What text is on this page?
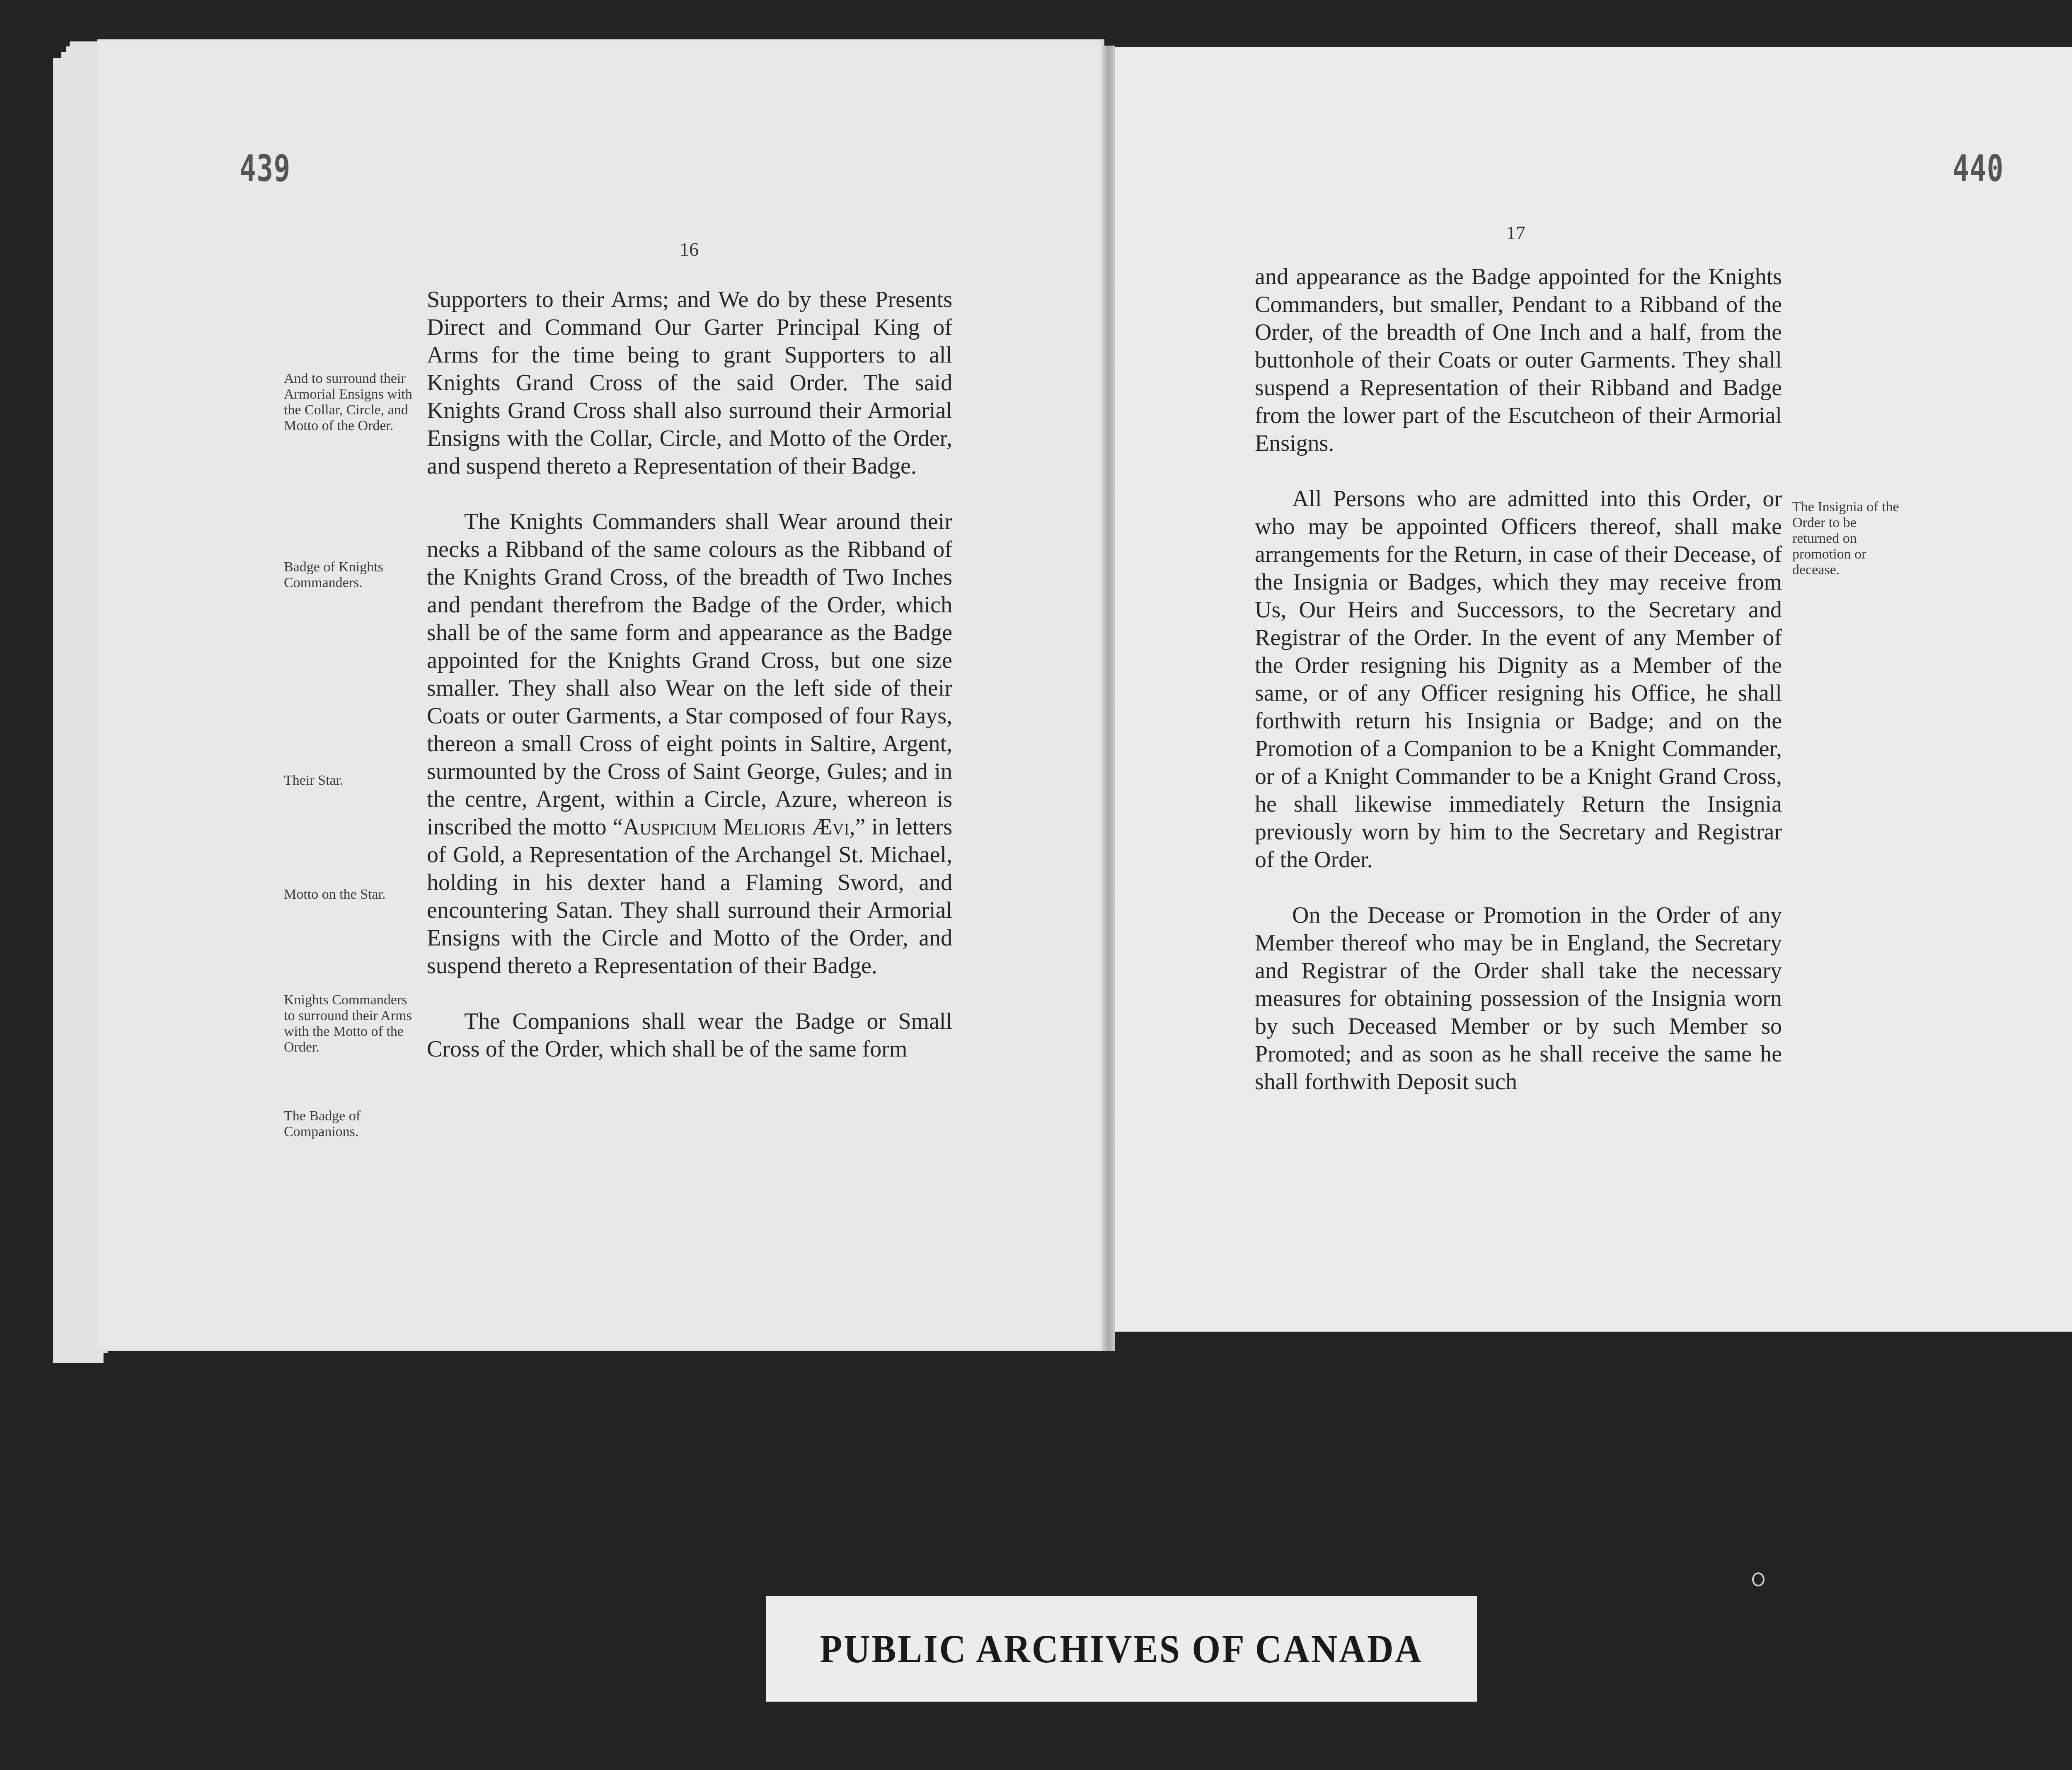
439
16

Supporters to their Arms; and We do by these Presents Direct and Command Our Garter Principal King of Arms for the time being to grant Supporters to all Knights Grand Cross of the said Order. The said Knights Grand Cross shall also surround their Armorial Ensigns with the Collar, Circle, and Motto of the Order, and suspend thereto a Representation of their Badge.

The Knights Commanders shall Wear around their necks a Ribband of the same colours as the Ribband of the Knights Grand Cross, of the breadth of Two Inches and pendant therefrom the Badge of the Order, which shall be of the same form and appearance as the Badge appointed for the Knights Grand Cross, but one size smaller. They shall also Wear on the left side of their Coats or outer Garments, a Star composed of four Rays, thereon a small Cross of eight points in Saltire, Argent, surmounted by the Cross of Saint George, Gules; and in the centre, Argent, within a Circle, Azure, whereon is inscribed the motto “Auspicium Melioris Ævi,” in letters of Gold, a Representation of the Archangel St. Michael, holding in his dexter hand a Flaming Sword, and encountering Satan. They shall surround their Armorial Ensigns with the Circle and Motto of the Order, and suspend thereto a Representation of their Badge.

The Companions shall wear the Badge or Small Cross of the Order, which shall be of the same form

And to surround their Armorial Ensigns with the Collar, Circle, and Motto of the Order.
Badge of Knights Commanders.
Their Star.
Motto on the Star.
Knights Commanders to surround their Arms with the Motto of the Order.
The Badge of Companions.
440
17

and appearance as the Badge appointed for the Knights Commanders, but smaller, Pendant to a Ribband of the Order, of the breadth of One Inch and a half, from the buttonhole of their Coats or outer Garments. They shall suspend a Representation of their Ribband and Badge from the lower part of the Escutcheon of their Armorial Ensigns.

All Persons who are admitted into this Order, or who may be appointed Officers thereof, shall make arrangements for the Return, in case of their Decease, of the Insignia or Badges, which they may receive from Us, Our Heirs and Successors, to the Secretary and Registrar of the Order. In the event of any Member of the Order resigning his Dignity as a Member of the same, or of any Officer resigning his Office, he shall forthwith return his Insignia or Badge; and on the Promotion of a Companion to be a Knight Commander, or of a Knight Commander to be a Knight Grand Cross, he shall likewise immediately Return the Insignia previously worn by him to the Secretary and Registrar of the Order.

On the Decease or Promotion in the Order of any Member thereof who may be in England, the Secretary and Registrar of the Order shall take the necessary measures for obtaining possession of the Insignia worn by such Deceased Member or by such Member so Promoted; and as soon as he shall receive the same he shall forthwith Deposit such

The Insignia of the Order to be returned on promotion or decease.
PUBLIC ARCHIVES OF CANADA
